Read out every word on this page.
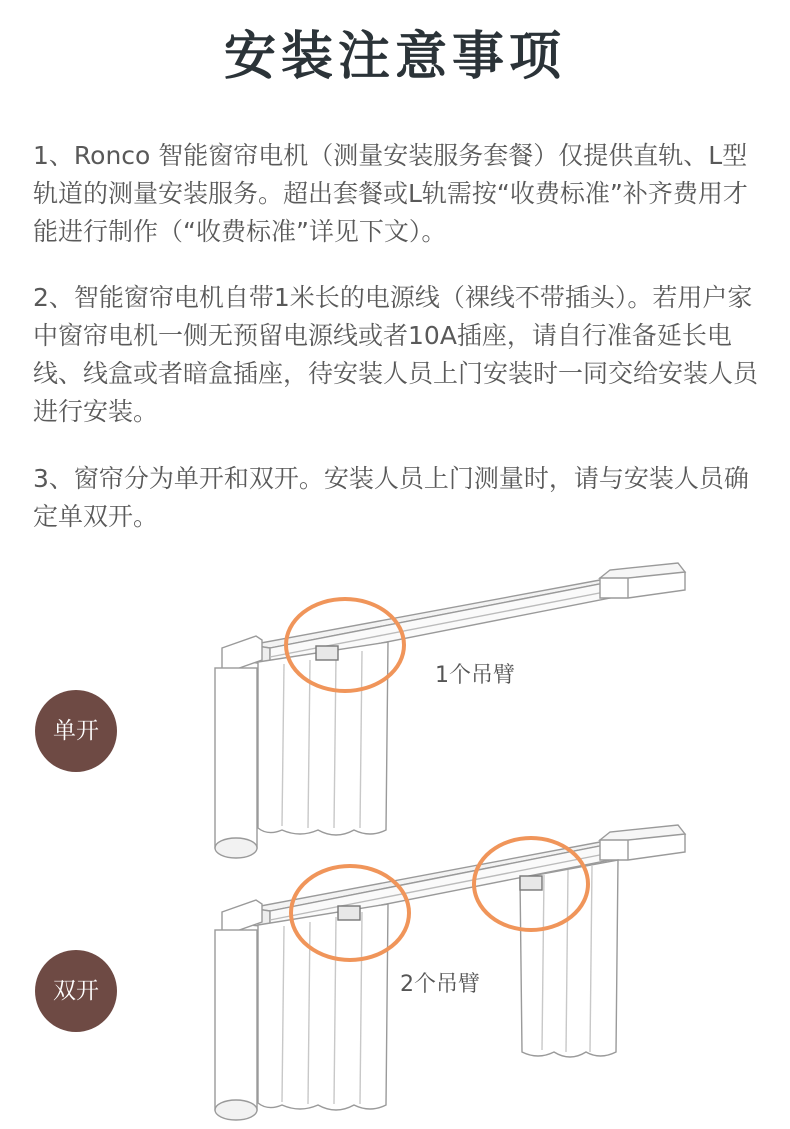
安装注意事项

1、Ronco 智能窗帘电机（测量安装服务套餐）仅提供直轨、L型轨道的测量安装服务。超出套餐或L轨需按“收费标准”补齐费用才能进行制作（“收费标准”详见下文）。

2、智能窗帘电机自带1米长的电源线（裸线不带插头）。若用户家中窗帘电机一侧无预留电源线或者10A插座，请自行准备延长电线、线盒或者暗盒插座，待安装人员上门安装时一同交给安装人员进行安装。

3、窗帘分为单开和双开。安装人员上门测量时，请与安装人员确定单双开。

单开
1个吊臂
双开	2个吊臂
